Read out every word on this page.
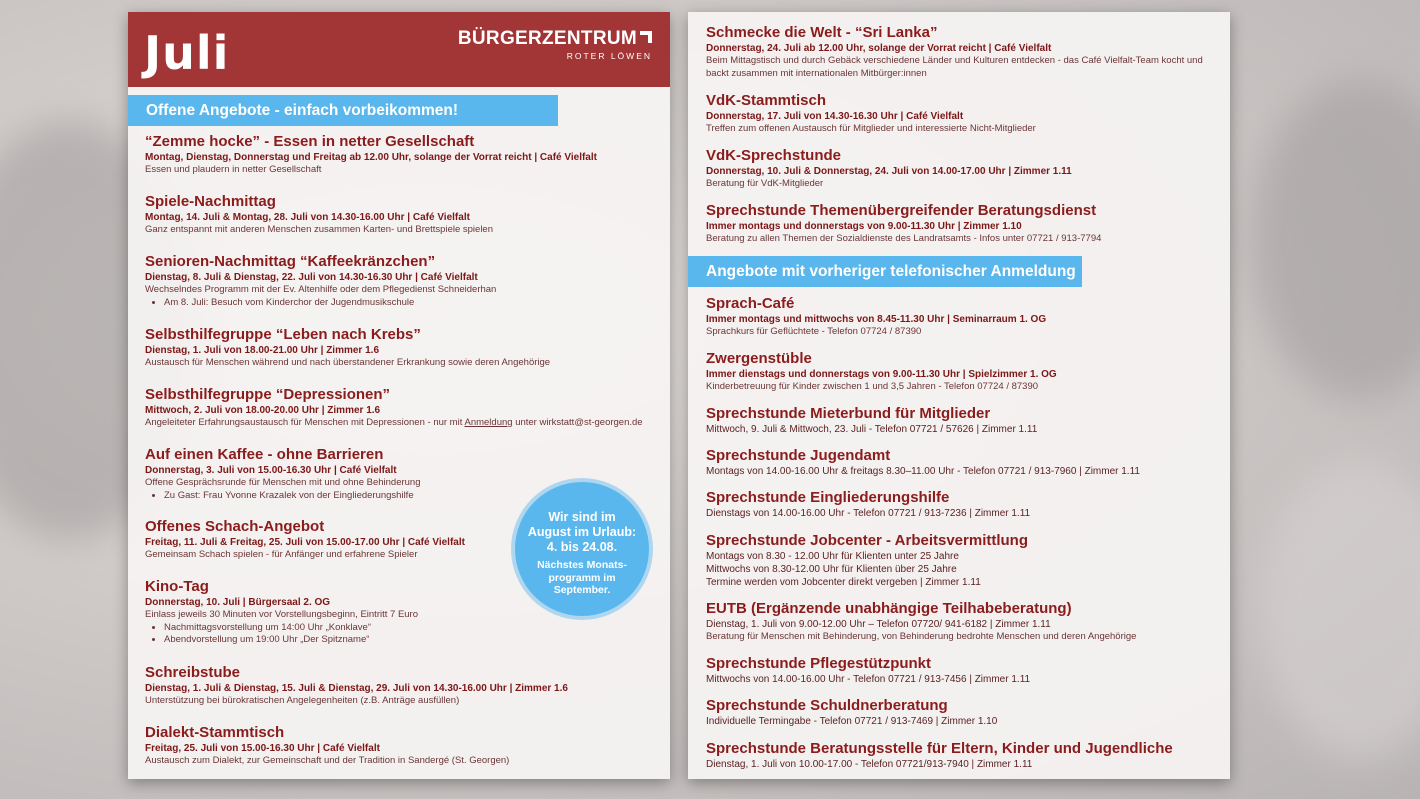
Juli	BÜRGERZENTRUM
ROTER LÖWEN
Offene Angebote - einfach vorbeikommen!
“Zemme hocke” - Essen in netter Gesellschaft
Montag, Dienstag, Donnerstag und Freitag ab 12.00 Uhr, solange der Vorrat reicht | Café Vielfalt
Essen und plaudern in netter Gesellschaft
Spiele-Nachmittag
Montag, 14. Juli & Montag, 28. Juli von 14.30-16.00 Uhr | Café Vielfalt
Ganz entspannt mit anderen Menschen zusammen Karten- und Brettspiele spielen
Senioren-Nachmittag “Kaffeekränzchen”
Dienstag, 8. Juli & Dienstag, 22. Juli von 14.30-16.30 Uhr | Café Vielfalt
Wechselndes Programm mit der Ev. Altenhilfe oder dem Pflegedienst Schneiderhan
• Am 8. Juli: Besuch vom Kinderchor der Jugendmusikschule
Selbsthilfegruppe “Leben nach Krebs”
Dienstag, 1. Juli von 18.00-21.00 Uhr | Zimmer 1.6
Austausch für Menschen während und nach überstandener Erkrankung sowie deren Angehörige
Selbsthilfegruppe “Depressionen”
Mittwoch, 2. Juli von 18.00-20.00 Uhr | Zimmer 1.6
Angeleiteter Erfahrungsaustausch für Menschen mit Depressionen - nur mit Anmeldung unter wirkstatt@st-georgen.de
Auf einen Kaffee - ohne Barrieren
Donnerstag, 3. Juli von 15.00-16.30 Uhr | Café Vielfalt
Offene Gesprächsrunde für Menschen mit und ohne Behinderung
• Zu Gast: Frau Yvonne Krazalek von der Eingliederungshilfe
Offenes Schach-Angebot
Freitag, 11. Juli & Freitag, 25. Juli von 15.00-17.00 Uhr | Café Vielfalt
Gemeinsam Schach spielen - für Anfänger und erfahrene Spieler
Kino-Tag
Donnerstag, 10. Juli | Bürgersaal 2. OG
Einlass jeweils 30 Minuten vor Vorstellungsbeginn, Eintritt 7 Euro
• Nachmittagsvorstellung um 14:00 Uhr „Konklave“
• Abendvorstellung um 19:00 Uhr „Der Spitzname“
Schreibstube
Dienstag, 1. Juli & Dienstag, 15. Juli & Dienstag, 29. Juli von 14.30-16.00 Uhr | Zimmer 1.6
Unterstützung bei bürokratischen Angelegenheiten (z.B. Anträge ausfüllen)
Dialekt-Stammtisch
Freitag, 25. Juli von 15.00-16.30 Uhr | Café Vielfalt
Austausch zum Dialekt, zur Gemeinschaft und der Tradition in Sandergé (St. Georgen)
Schmecke die Welt - “Sri Lanka”
Donnerstag, 24. Juli ab 12.00 Uhr, solange der Vorrat reicht | Café Vielfalt
Beim Mittagstisch und durch Gebäck verschiedene Länder und Kulturen entdecken - das Café Vielfalt-Team kocht und
backt zusammen mit internationalen Mitbürger:innen
VdK-Stammtisch
Donnerstag, 17. Juli von 14.30-16.30 Uhr | Café Vielfalt
Treffen zum offenen Austausch für Mitglieder und interessierte Nicht-Mitglieder
VdK-Sprechstunde
Donnerstag, 10. Juli & Donnerstag, 24. Juli von 14.00-17.00 Uhr | Zimmer 1.11
Beratung für VdK-Mitglieder
Sprechstunde Themenübergreifender Beratungsdienst
Immer montags und donnerstags von 9.00-11.30 Uhr | Zimmer 1.10
Beratung zu allen Themen der Sozialdienste des Landratsamts - Infos unter 07721 / 913-7794
Angebote mit vorheriger telefonischer Anmeldung
Sprach-Café
Immer montags und mittwochs von 8.45-11.30 Uhr | Seminarraum 1. OG
Sprachkurs für Geflüchtete - Telefon 07724 / 87390
Zwergenstüble
Immer dienstags und donnerstags von 9.00-11.30 Uhr | Spielzimmer 1. OG
Kinderbetreuung für Kinder zwischen 1 und 3,5 Jahren - Telefon 07724 / 87390
Sprechstunde Mieterbund für Mitglieder
Mittwoch, 9. Juli & Mittwoch, 23. Juli - Telefon 07721 / 57626 | Zimmer 1.11
Sprechstunde Jugendamt
Montags von 14.00-16.00 Uhr & freitags 8.30–11.00 Uhr - Telefon 07721 / 913-7960 | Zimmer 1.11
Sprechstunde Eingliederungshilfe
Dienstags von 14.00-16.00 Uhr - Telefon 07721 / 913-7236 | Zimmer 1.11
Sprechstunde Jobcenter - Arbeitsvermittlung
Montags von 8.30 - 12.00 Uhr für Klienten unter 25 Jahre
Mittwochs von 8.30-12.00 Uhr für Klienten über 25 Jahre
Termine werden vom Jobcenter direkt vergeben | Zimmer 1.11
EUTB (Ergänzende unabhängige Teilhabeberatung)
Dienstag, 1. Juli von 9.00-12.00 Uhr – Telefon 07720/ 941-6182 | Zimmer 1.11
Beratung für Menschen mit Behinderung, von Behinderung bedrohte Menschen und deren Angehörige
Sprechstunde Pflegestützpunkt
Mittwochs von 14.00-16.00 Uhr - Telefon 07721 / 913-7456 | Zimmer 1.11
Sprechstunde Schuldnerberatung
Individuelle Termingabe - Telefon 07721 / 913-7469 | Zimmer 1.10
Sprechstunde Beratungsstelle für Eltern, Kinder und Jugendliche
Dienstag, 1. Juli von 10.00-17.00 - Telefon 07721/913-7940 | Zimmer 1.11
Wir sind im
August im Urlaub:
4. bis 24.08.
Nächstes Monats-
programm im
September.
